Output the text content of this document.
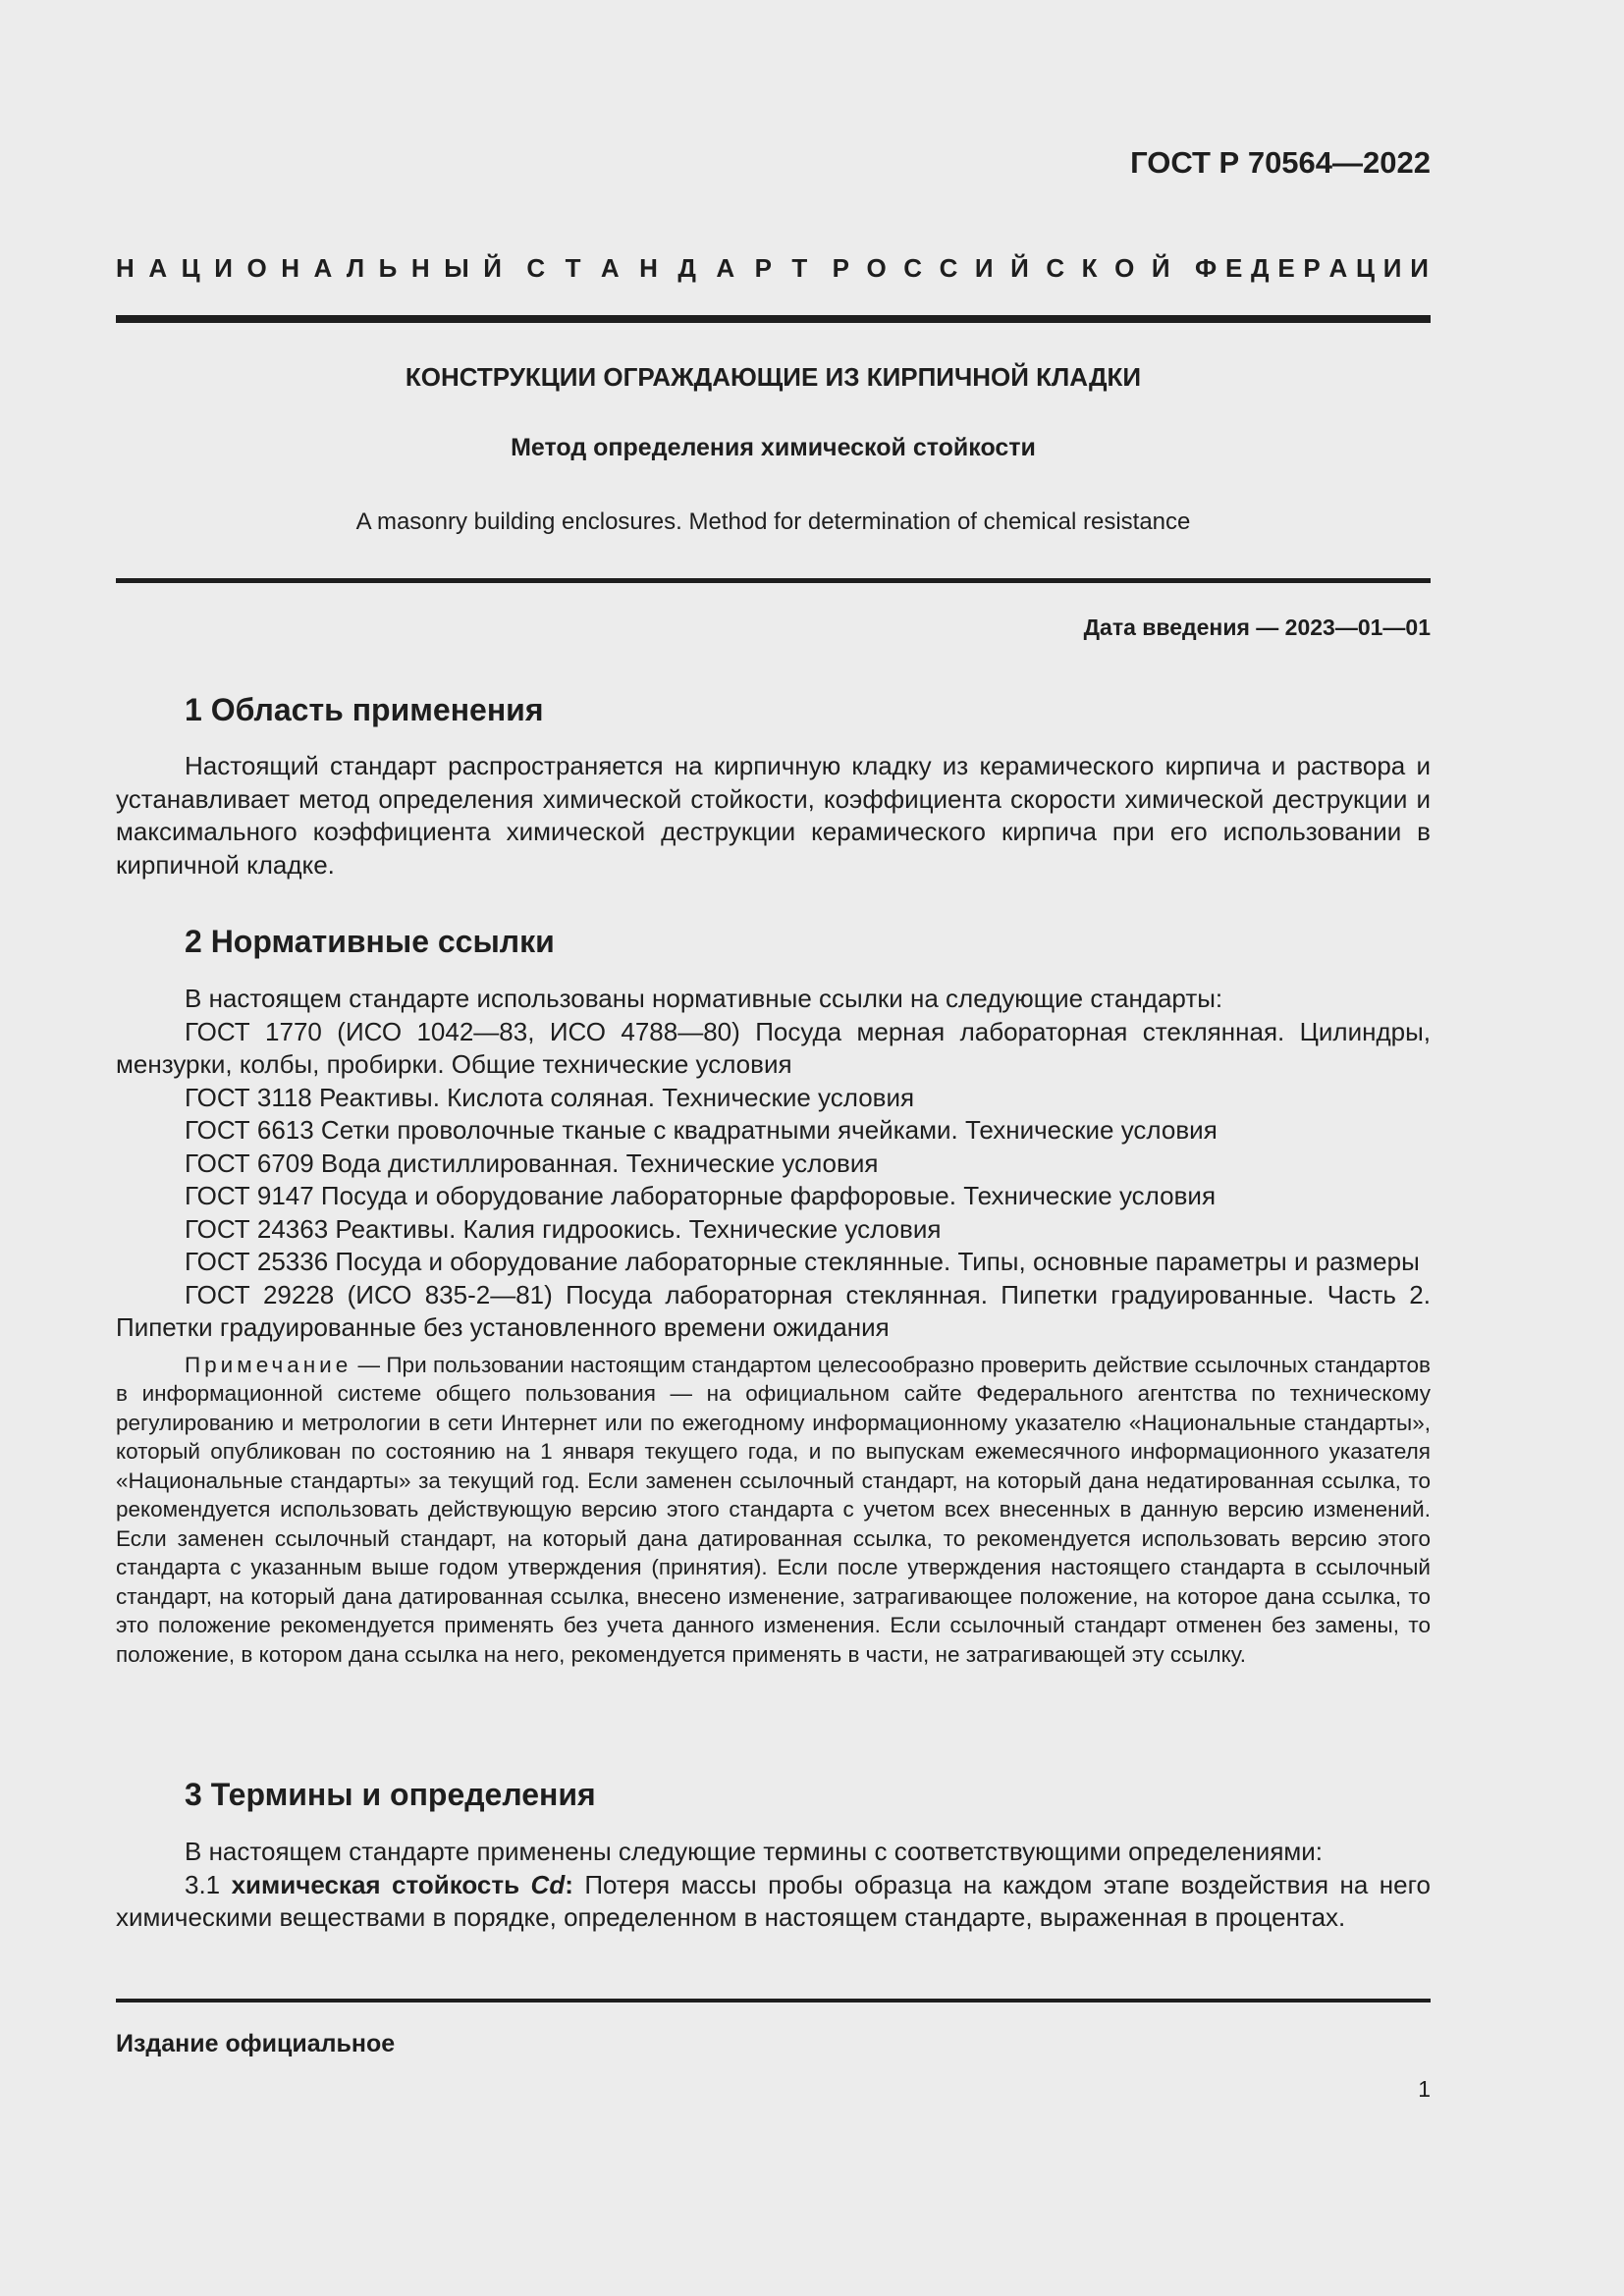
ГОСТ Р 70564—2022
Н А Ц И О Н А Л Ь Н Ы Й С Т А Н Д А Р Т Р О С С И Й С К О Й Ф Е Д Е Р А Ц И И
КОНСТРУКЦИИ ОГРАЖДАЮЩИЕ ИЗ КИРПИЧНОЙ КЛАДКИ
Метод определения химической стойкости
A masonry building enclosures. Method for determination of chemical resistance
Дата введения — 2023—01—01
1 Область применения

Настоящий стандарт распространяется на кирпичную кладку из керамического кирпича и раствора и устанавливает метод определения химической стойкости, коэффициента скорости химической деструкции и максимального коэффициента химической деструкции керамического кирпича при его использовании в кирпичной кладке.

2 Нормативные ссылки

В настоящем стандарте использованы нормативные ссылки на следующие стандарты:

ГОСТ 1770 (ИСО 1042—83, ИСО 4788—80) Посуда мерная лабораторная стеклянная. Цилиндры, мензурки, колбы, пробирки. Общие технические условия

ГОСТ 3118 Реактивы. Кислота соляная. Технические условия

ГОСТ 6613 Сетки проволочные тканые с квадратными ячейками. Технические условия

ГОСТ 6709 Вода дистиллированная. Технические условия

ГОСТ 9147 Посуда и оборудование лабораторные фарфоровые. Технические условия

ГОСТ 24363 Реактивы. Калия гидроокись. Технические условия

ГОСТ 25336 Посуда и оборудование лабораторные стеклянные. Типы, основные параметры и размеры

ГОСТ 29228 (ИСО 835-2—81) Посуда лабораторная стеклянная. Пипетки градуированные. Часть 2. Пипетки градуированные без установленного времени ожидания

Примечание — При пользовании настоящим стандартом целесообразно проверить действие ссылочных стандартов в информационной системе общего пользования — на официальном сайте Федерального агентства по техническому регулированию и метрологии в сети Интернет или по ежегодному информационному указателю «Национальные стандарты», который опубликован по состоянию на 1 января текущего года, и по выпускам ежемесячного информационного указателя «Национальные стандарты» за текущий год. Если заменен ссылочный стандарт, на который дана недатированная ссылка, то рекомендуется использовать действующую версию этого стандарта с учетом всех внесенных в данную версию изменений. Если заменен ссылочный стандарт, на который дана датированная ссылка, то рекомендуется использовать версию этого стандарта с указанным выше годом утверждения (принятия). Если после утверждения настоящего стандарта в ссылочный стандарт, на который дана датированная ссылка, внесено изменение, затрагивающее положение, на которое дана ссылка, то это положение рекомендуется применять без учета данного изменения. Если ссылочный стандарт отменен без замены, то положение, в котором дана ссылка на него, рекомендуется применять в части, не затрагивающей эту ссылку.

3 Термины и определения

В настоящем стандарте применены следующие термины с соответствующими определениями:

3.1 химическая стойкость Cd: Потеря массы пробы образца на каждом этапе воздействия на него химическими веществами в порядке, определенном в настоящем стандарте, выраженная в процентах.

Издание официальное
1
